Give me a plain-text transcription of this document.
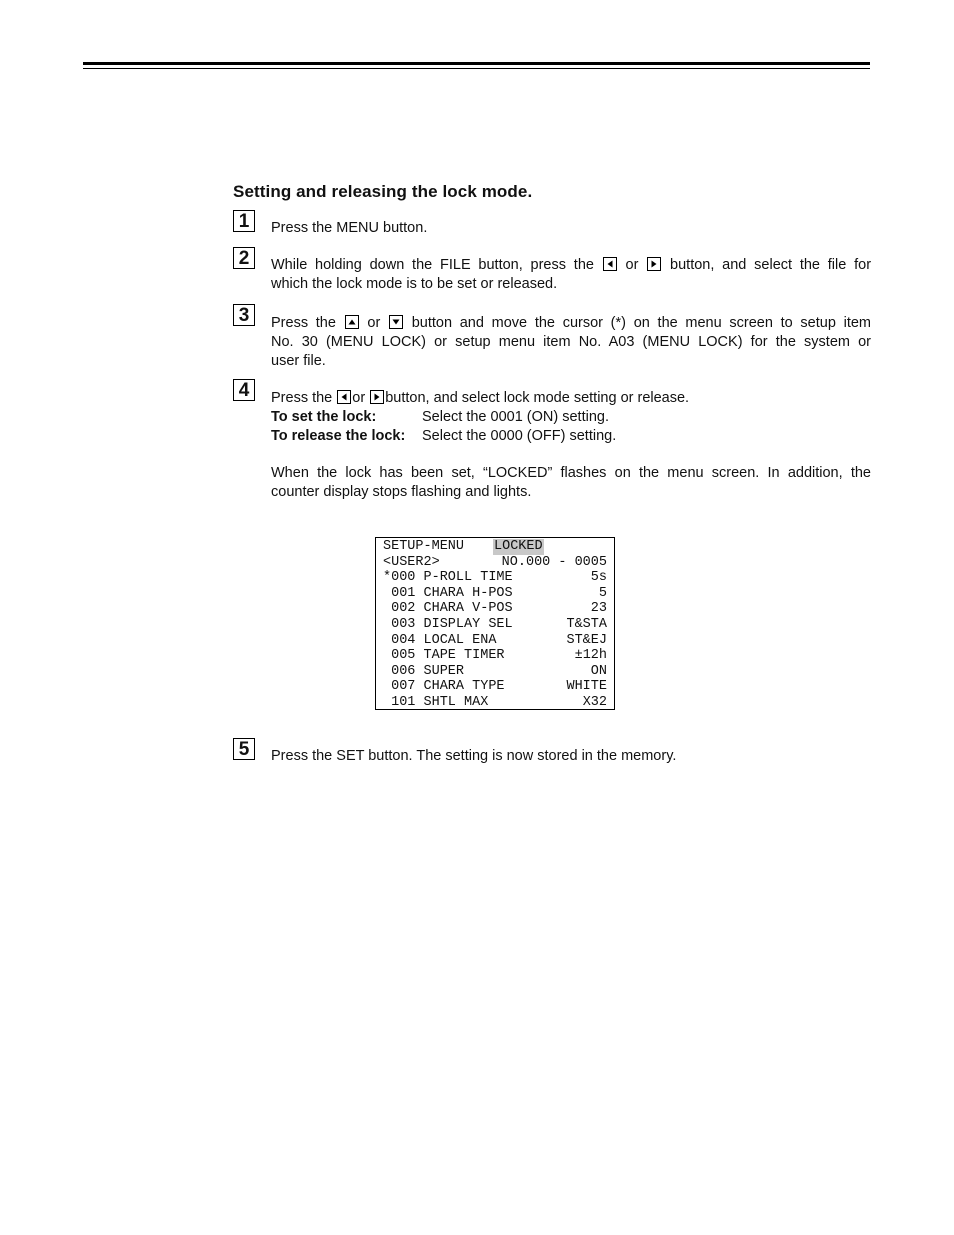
Setting and releasing the lock mode.
1	Press the MENU button.
2	While holding down the FILE button, press the or button, and select the file for
which the lock mode is to be set or released.
3	Press the or button and move the cursor (*) on the menu screen to setup item
No. 30 (MENU LOCK) or setup menu item No. A03 (MENU LOCK) for the system or
user file.
4	Press the or button, and select lock mode setting or release.
To set the lock:	Select the 0001 (ON) setting.
To release the lock: Select the 0000 (OFF) setting.
When the lock has been set, “LOCKED” flashes on the menu screen. In addition, the
counter display stops flashing and lights.
SETUP-MENU LOCKED
<USER2>	NO.000 - 0005
*000 P-ROLL TIME	5s
001 CHARA H-POS	5
002 CHARA V-POS	23
003 DISPLAY SEL	T&STA
004 LOCAL ENA	ST&EJ
005 TAPE TIMER	±12h
006 SUPER	ON
007 CHARA TYPE	WHITE
101 SHTL MAX	X32
5	Press the SET button. The setting is now stored in the memory.
